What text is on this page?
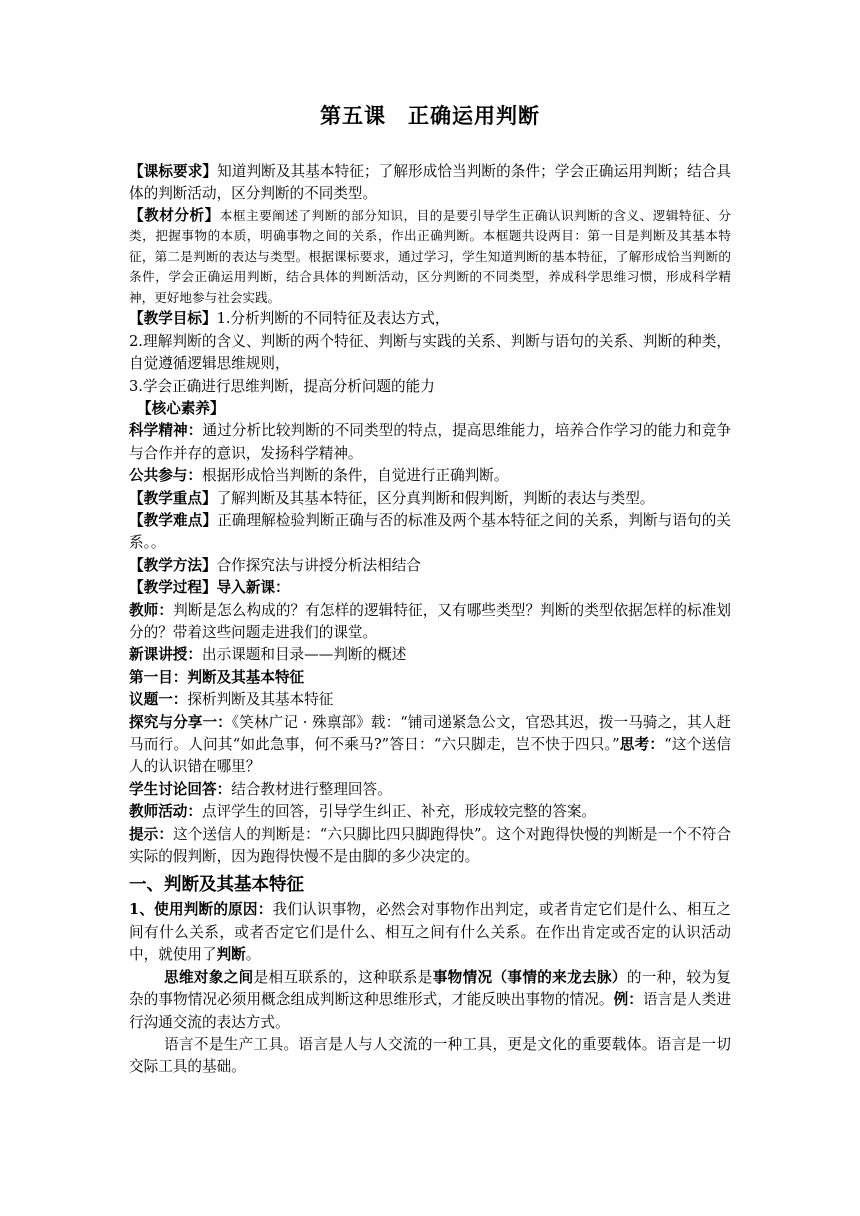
第五课 正确运用判断

【课标要求】知道判断及其基本特征；了解形成恰当判断的条件；学会正确运用判断；结合具体的判断活动，区分判断的不同类型。

【教材分析】本框主要阐述了判断的部分知识，目的是要引导学生正确认识判断的含义、逻辑特征、分类，把握事物的本质，明确事物之间的关系，作出正确判断。本框题共设两目：第一目是判断及其基本特征，第二是判断的表达与类型。根据课标要求，通过学习，学生知道判断的基本特征，了解形成恰当判断的条件，学会正确运用判断，结合具体的判断活动，区分判断的不同类型，养成科学思维习惯，形成科学精神，更好地参与社会实践。

【教学目标】1.分析判断的不同特征及表达方式，

2.理解判断的含义、判断的两个特征、判断与实践的关系、判断与语句的关系、判断的种类，自觉遵循逻辑思维规则，

3.学会正确进行思维判断，提高分析问题的能力

【核心素养】

科学精神：通过分析比较判断的不同类型的特点，提高思维能力，培养合作学习的能力和竞争与合作并存的意识，发扬科学精神。

公共参与：根据形成恰当判断的条件，自觉进行正确判断。

【教学重点】了解判断及其基本特征，区分真判断和假判断，判断的表达与类型。

【教学难点】正确理解检验判断正确与否的标准及两个基本特征之间的关系，判断与语句的关系。。

【教学方法】合作探究法与讲授分析法相结合

【教学过程】导入新课：

教师：判断是怎么构成的？有怎样的逻辑特征，又有哪些类型？判断的类型依据怎样的标准划分的？带着这些问题走进我们的课堂。

新课讲授：出示课题和目录——判断的概述

第一目：判断及其基本特征

议题一：探析判断及其基本特征

探究与分享一：《笑林广记 · 殊禀部》载：“铺司递紧急公文，官恐其迟，拨一马骑之，其人赶马而行。人问其“如此急事，何不乘马?”答日：“六只脚走，岂不快于四只。”思考：“这个送信人的认识错在哪里？

学生讨论回答：结合教材进行整理回答。

教师活动：点评学生的回答，引导学生纠正、补充，形成较完整的答案。

提示：这个送信人的判断是：“六只脚比四只脚跑得快”。这个对跑得快慢的判断是一个不符合实际的假判断，因为跑得快慢不是由脚的多少决定的。

一、判断及其基本特征

1、使用判断的原因：我们认识事物，必然会对事物作出判定，或者肯定它们是什么、相互之间有什么关系，或者否定它们是什么、相互之间有什么关系。在作出肯定或否定的认识活动中，就使用了判断。

思维对象之间是相互联系的，这种联系是事物情况（事情的来龙去脉）的一种，较为复杂的事物情况必须用概念组成判断这种思维形式，才能反映出事物的情况。例：语言是人类进行沟通交流的表达方式。

语言不是生产工具。语言是人与人交流的一种工具，更是文化的重要载体。语言是一切交际工具的基础。
